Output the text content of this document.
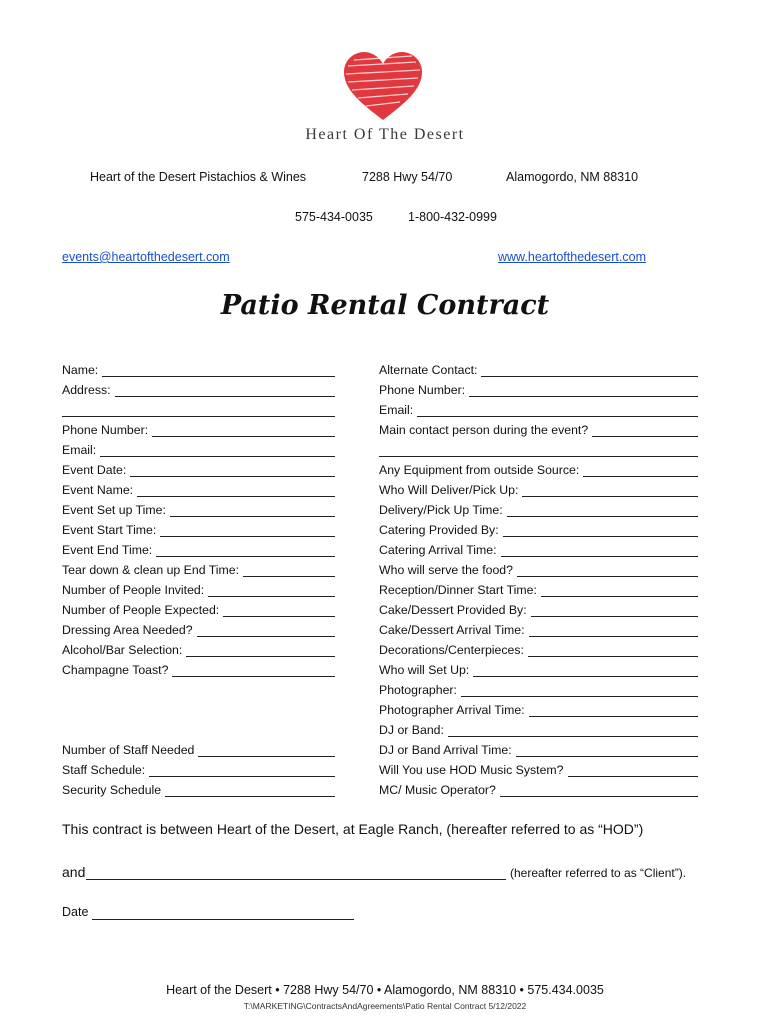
Heart Of The Desert
Heart of the Desert Pistachios & Wines	7288 Hwy 54/70	Alamogordo, NM 88310
575-434-0035	1-800-432-0999
events@heartofthedesert.com	www.heartofthedesert.com
Patio Rental Contract
Name:
Address:
Phone Number:
Email:
Event Date:
Event Name:
Event Set up Time:
Event Start Time:
Event End Time:
Tear down & clean up End Time:
Number of People Invited:
Number of People Expected:
Dressing Area Needed?
Alcohol/Bar Selection:
Champagne Toast?
Alternate Contact:
Phone Number:
Email:
Main contact person during the event?
Any Equipment from outside Source:
Who Will Deliver/Pick Up:
Delivery/Pick Up Time:
Catering Provided By:
Catering Arrival Time:
Who will serve the food?
Reception/Dinner Start Time:
Cake/Dessert Provided By:
Cake/Dessert Arrival Time:
Decorations/Centerpieces:
Who will Set Up:
Photographer:
Photographer Arrival Time:
DJ or Band:
DJ or Band Arrival Time:
Will You use HOD Music System?
MC/ Music Operator?
Number of Staff Needed
Staff Schedule:
Security Schedule
This contract is between Heart of the Desert, at Eagle Ranch, (hereafter referred to as “HOD”)
and	(hereafter referred to as “Client”).
Date
Heart of the Desert • 7288 Hwy 54/70 • Alamogordo, NM 88310 • 575.434.0035
T:\MARKETING\ContractsAndAgreements\Patio Rental Contract 5/12/2022
